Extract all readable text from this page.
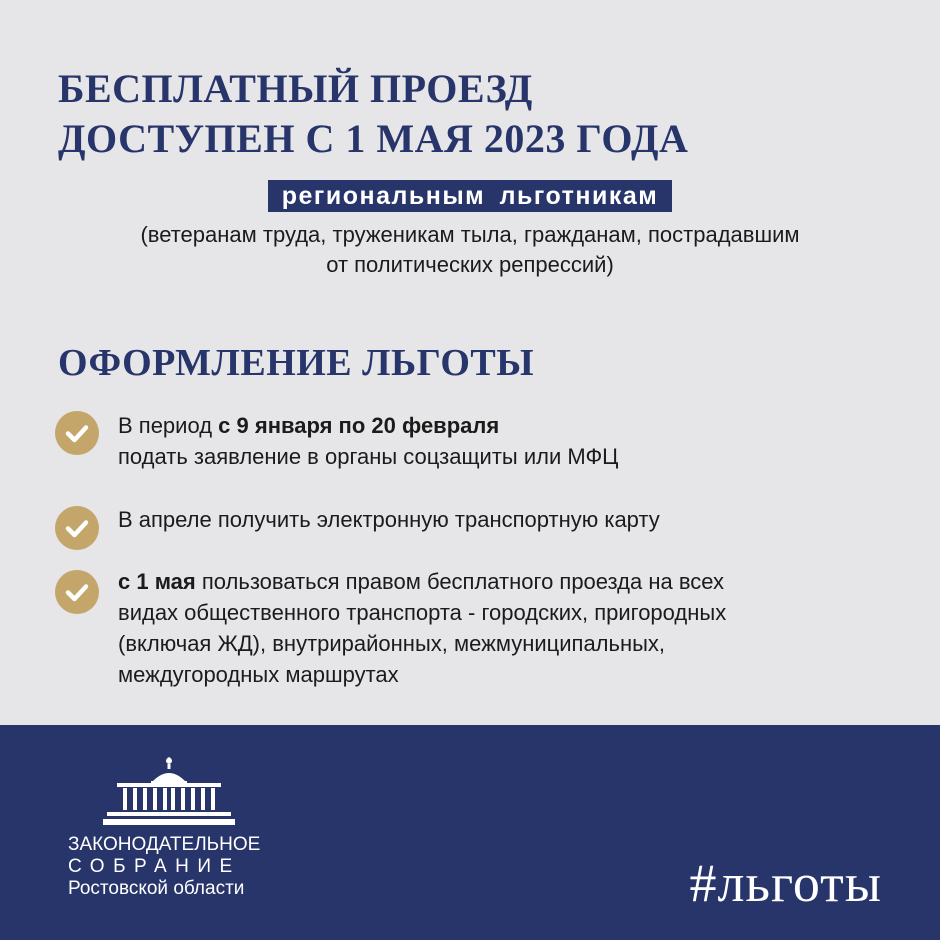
БЕСПЛАТНЫЙ ПРОЕЗД
ДОСТУПЕН С 1 МАЯ 2023 ГОДА
региональным льготникам

(ветеранам труда, труженикам тыла, гражданам, пострадавшим
от политических репрессий)

ОФОРМЛЕНИЕ ЛЬГОТЫ

В период с 9 января по 20 февраля
подать заявление в органы соцзащиты или МФЦ

В апреле получить электронную транспортную карту

с 1 мая пользоваться правом бесплатного проезда на всех
видах общественного транспорта - городских, пригородных
(включая ЖД), внутрирайонных, межмуниципальных,
междугородных маршрутах

ЗАКОНОДАТЕЛЬНОЕ
СОБРАНИЕ
Ростовской области	#льготы
